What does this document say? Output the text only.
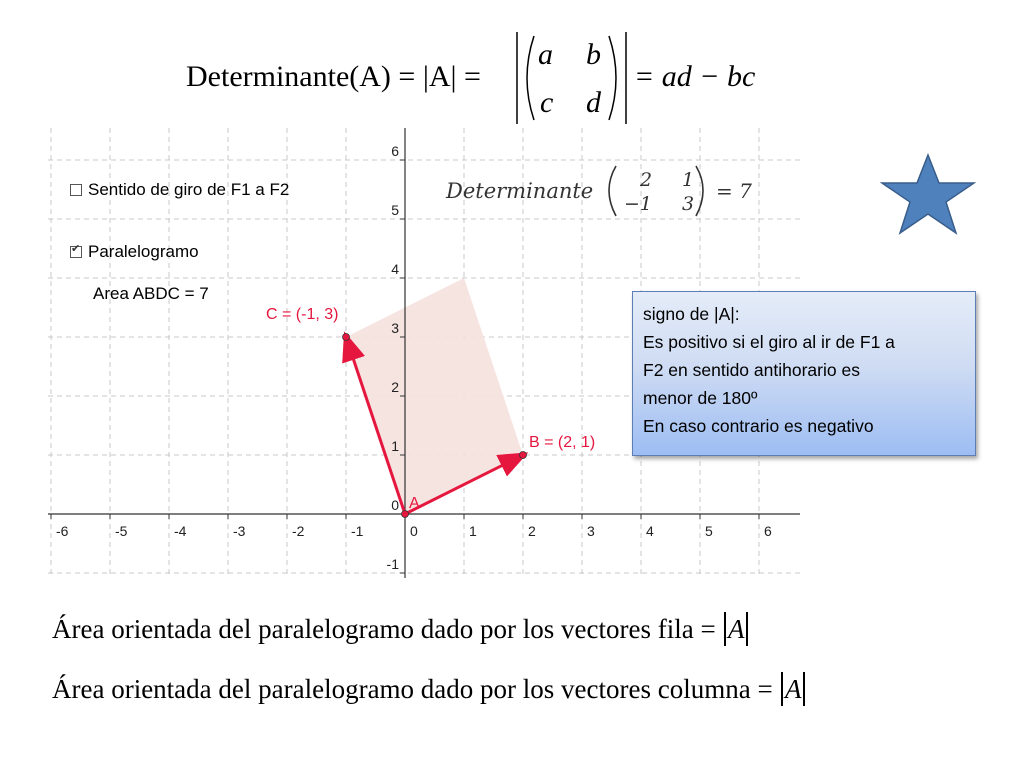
Determinante(A) = |A| =
a b
c d
= ad − bc
-6	-5	-4	-3	-2	-1	0	1	2	3	4	5	6
-1
0
1
2
3
4
5
6
A
B = (2, 1)
C = (-1, 3)
Sentido de giro de F1 a F2
✔Paralelogramo
Area ABDC = 7
Determinante 2 1
−1 3
= 7
signo de |A|:
Es positivo si el giro al ir de F1 a
F2 en sentido antihorario es
menor de 180º
En caso contrario es negativo
Área orientada del paralelogramo dado por los vectores fila = A
Área orientada del paralelogramo dado por los vectores columna = A
